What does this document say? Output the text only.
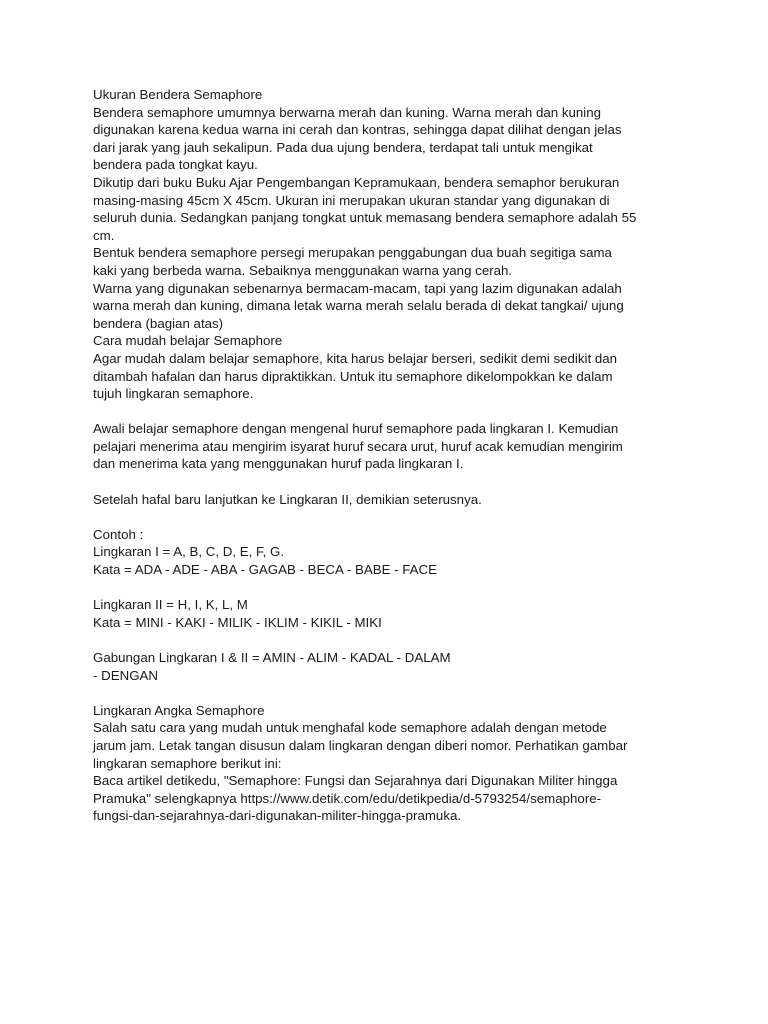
Ukuran Bendera Semaphore
Bendera semaphore umumnya berwarna merah dan kuning. Warna merah dan kuning
digunakan karena kedua warna ini cerah dan kontras, sehingga dapat dilihat dengan jelas
dari jarak yang jauh sekalipun. Pada dua ujung bendera, terdapat tali untuk mengikat
bendera pada tongkat kayu.
Dikutip dari buku Buku Ajar Pengembangan Kepramukaan, bendera semaphor berukuran
masing-masing 45cm X 45cm. Ukuran ini merupakan ukuran standar yang digunakan di
seluruh dunia. Sedangkan panjang tongkat untuk memasang bendera semaphore adalah 55
cm.
Bentuk bendera semaphore persegi merupakan penggabungan dua buah segitiga sama
kaki yang berbeda warna. Sebaiknya menggunakan warna yang cerah.
Warna yang digunakan sebenarnya bermacam-macam, tapi yang lazim digunakan adalah
warna merah dan kuning, dimana letak warna merah selalu berada di dekat tangkai/ ujung
bendera (bagian atas)
Cara mudah belajar Semaphore
Agar mudah dalam belajar semaphore, kita harus belajar berseri, sedikit demi sedikit dan
ditambah hafalan dan harus dipraktikkan. Untuk itu semaphore dikelompokkan ke dalam
tujuh lingkaran semaphore.
Awali belajar semaphore dengan mengenal huruf semaphore pada lingkaran I. Kemudian
pelajari menerima atau mengirim isyarat huruf secara urut, huruf acak kemudian mengirim
dan menerima kata yang menggunakan huruf pada lingkaran I.
Setelah hafal baru lanjutkan ke Lingkaran II, demikian seterusnya.
Contoh :
Lingkaran I = A, B, C, D, E, F, G.
Kata = ADA - ADE - ABA - GAGAB - BECA - BABE - FACE
Lingkaran II = H, I, K, L, M
Kata = MINI - KAKI - MILIK - IKLIM - KIKIL - MIKI
Gabungan Lingkaran I & II = AMIN - ALIM - KADAL - DALAM
- DENGAN
Lingkaran Angka Semaphore
Salah satu cara yang mudah untuk menghafal kode semaphore adalah dengan metode
jarum jam. Letak tangan disusun dalam lingkaran dengan diberi nomor. Perhatikan gambar
lingkaran semaphore berikut ini:
Baca artikel detikedu, "Semaphore: Fungsi dan Sejarahnya dari Digunakan Militer hingga
Pramuka" selengkapnya https://www.detik.com/edu/detikpedia/d-5793254/semaphore-
fungsi-dan-sejarahnya-dari-digunakan-militer-hingga-pramuka.
